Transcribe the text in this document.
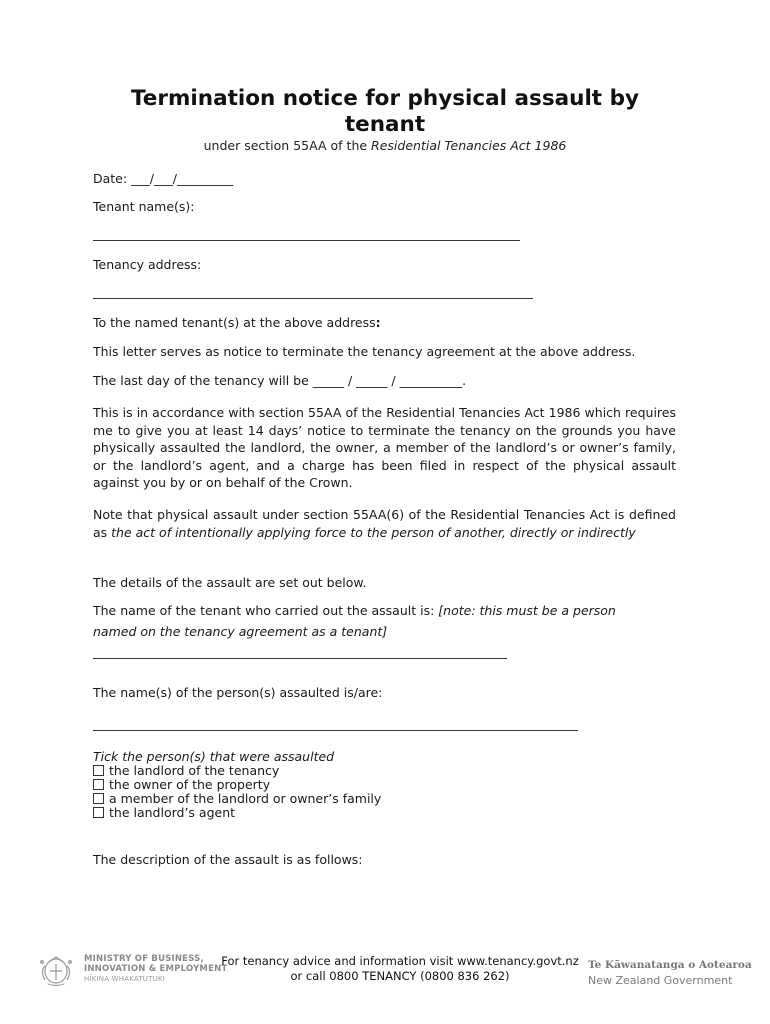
Termination notice for physical assault by tenant
under section 55AA of the Residential Tenancies Act 1986
Date: ___/___/_________
Tenant name(s):
Tenancy address:
To the named tenant(s) at the above address:
This letter serves as notice to terminate the tenancy agreement at the above address.
The last day of the tenancy will be _____ / _____ / __________.
This is in accordance with section 55AA of the Residential Tenancies Act 1986 which requires me to give you at least 14 days’ notice to terminate the tenancy on the grounds you have physically assaulted the landlord, the owner, a member of the landlord’s or owner’s family, or the landlord’s agent, and a charge has been filed in respect of the physical assault against you by or on behalf of the Crown.
Note that physical assault under section 55AA(6) of the Residential Tenancies Act is defined as the act of intentionally applying force to the person of another, directly or indirectly
The details of the assault are set out below.
The name of the tenant who carried out the assault is: [note: this must be a person
named on the tenancy agreement as a tenant]
The name(s) of the person(s) assaulted is/are:
Tick the person(s) that were assaulted
the landlord of the tenancy
the owner of the property
a member of the landlord or owner’s family
the landlord’s agent
The description of the assault is as follows:
MINISTRY OF BUSINESS,
INNOVATION & EMPLOYMENT
HĪKINA WHAKATUTUKI
For tenancy advice and information visit www.tenancy.govt.nz
or call 0800 TENANCY (0800 836 262)
Te Kāwanatanga o Aotearoa
New Zealand Government
